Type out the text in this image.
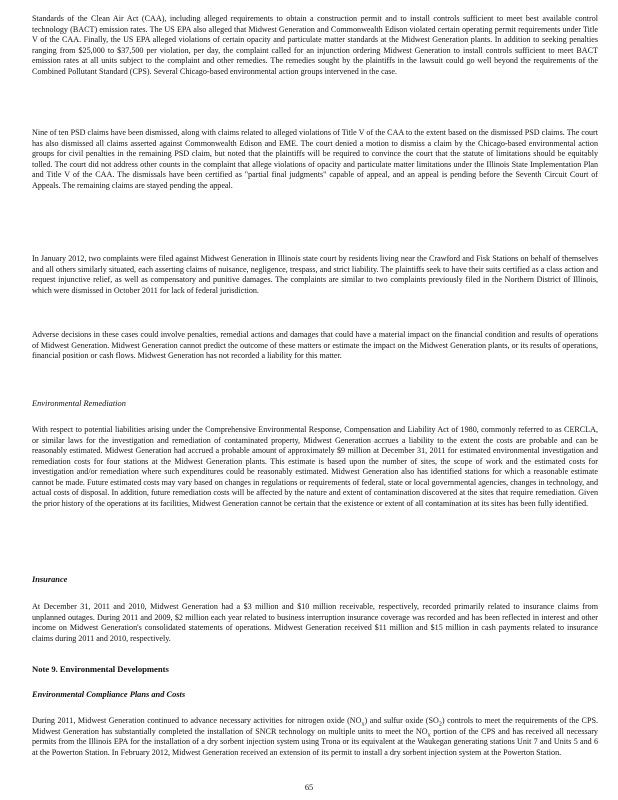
Standards of the Clean Air Act (CAA), including alleged requirements to obtain a construction permit and to install controls sufficient to meet best available control technology (BACT) emission rates. The US EPA also alleged that Midwest Generation and Commonwealth Edison violated certain operating permit requirements under Title V of the CAA. Finally, the US EPA alleged violations of certain opacity and particulate matter standards at the Midwest Generation plants. In addition to seeking penalties ranging from $25,000 to $37,500 per violation, per day, the complaint called for an injunction ordering Midwest Generation to install controls sufficient to meet BACT emission rates at all units subject to the complaint and other remedies. The remedies sought by the plaintiffs in the lawsuit could go well beyond the requirements of the Combined Pollutant Standard (CPS). Several Chicago-based environmental action groups intervened in the case.

Nine of ten PSD claims have been dismissed, along with claims related to alleged violations of Title V of the CAA to the extent based on the dismissed PSD claims. The court has also dismissed all claims asserted against Commonwealth Edison and EME. The court denied a motion to dismiss a claim by the Chicago-based environmental action groups for civil penalties in the remaining PSD claim, but noted that the plaintiffs will be required to convince the court that the statute of limitations should be equitably tolled. The court did not address other counts in the complaint that allege violations of opacity and particulate matter limitations under the Illinois State Implementation Plan and Title V of the CAA. The dismissals have been certified as "partial final judgments" capable of appeal, and an appeal is pending before the Seventh Circuit Court of Appeals. The remaining claims are stayed pending the appeal.

In January 2012, two complaints were filed against Midwest Generation in Illinois state court by residents living near the Crawford and Fisk Stations on behalf of themselves and all others similarly situated, each asserting claims of nuisance, negligence, trespass, and strict liability. The plaintiffs seek to have their suits certified as a class action and request injunctive relief, as well as compensatory and punitive damages. The complaints are similar to two complaints previously filed in the Northern District of Illinois, which were dismissed in October 2011 for lack of federal jurisdiction.

Adverse decisions in these cases could involve penalties, remedial actions and damages that could have a material impact on the financial condition and results of operations of Midwest Generation. Midwest Generation cannot predict the outcome of these matters or estimate the impact on the Midwest Generation plants, or its results of operations, financial position or cash flows. Midwest Generation has not recorded a liability for this matter.

Environmental Remediation

With respect to potential liabilities arising under the Comprehensive Environmental Response, Compensation and Liability Act of 1980, commonly referred to as CERCLA, or similar laws for the investigation and remediation of contaminated property, Midwest Generation accrues a liability to the extent the costs are probable and can be reasonably estimated. Midwest Generation had accrued a probable amount of approximately $9 million at December 31, 2011 for estimated environmental investigation and remediation costs for four stations at the Midwest Generation plants. This estimate is based upon the number of sites, the scope of work and the estimated costs for investigation and/or remediation where such expenditures could be reasonably estimated. Midwest Generation also has identified stations for which a reasonable estimate cannot be made. Future estimated costs may vary based on changes in regulations or requirements of federal, state or local governmental agencies, changes in technology, and actual costs of disposal. In addition, future remediation costs will be affected by the nature and extent of contamination discovered at the sites that require remediation. Given the prior history of the operations at its facilities, Midwest Generation cannot be certain that the existence or extent of all contamination at its sites has been fully identified.

Insurance

At December 31, 2011 and 2010, Midwest Generation had a $3 million and $10 million receivable, respectively, recorded primarily related to insurance claims from unplanned outages. During 2011 and 2009, $2 million each year related to business interruption insurance coverage was recorded and has been reflected in interest and other income on Midwest Generation's consolidated statements of operations. Midwest Generation received $11 million and $15 million in cash payments related to insurance claims during 2011 and 2010, respectively.

Note 9. Environmental Developments

Environmental Compliance Plans and Costs

During 2011, Midwest Generation continued to advance necessary activities for nitrogen oxide $(NO_x)$ and sulfur oxide $(SO_2)$ controls to meet the requirements of the CPS. Midwest Generation has substantially completed the installation of SNCR technology on multiple units to meet the $NO_x$ portion of the CPS and has received all necessary permits from the Illinois EPA for the installation of a dry sorbent injection system using Trona or its equivalent at the Waukegan generating stations Unit 7 and Units 5 and 6 at the Powerton Station. In February 2012, Midwest Generation received an extension of its permit to install a dry sorbent injection system at the Powerton Station.

65
